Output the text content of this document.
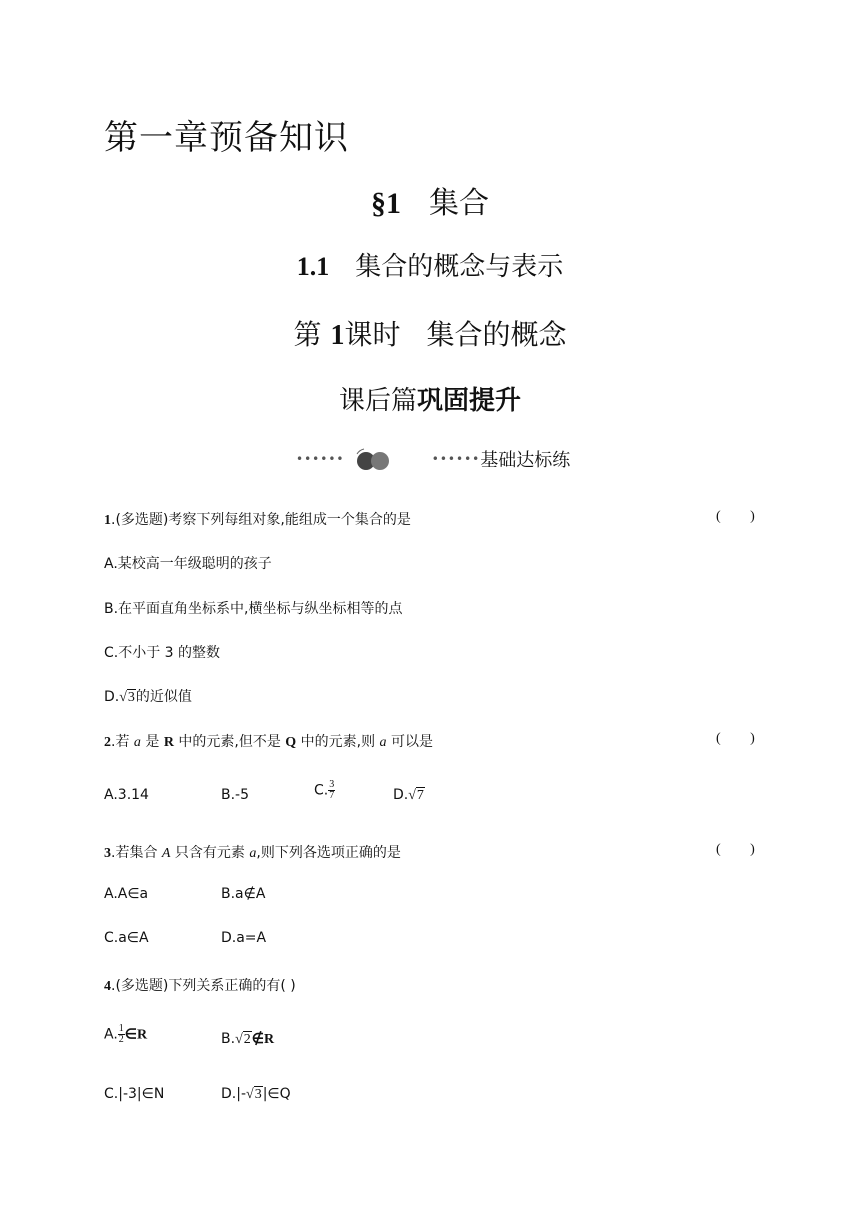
第一章预备知识
§1 集合
1.1 集合的概念与表示
第 1课时 集合的概念
课后篇巩固提升
••••••	••••••基础达标练
1.(多选题)考察下列每组对象,能组成一个集合的是	( )
A.某校高一年级聪明的孩子
B.在平面直角坐标系中,横坐标与纵坐标相等的点
C.不小于 3 的整数
D.√3的近似值
2.若 a 是 R 中的元素,但不是 Q 中的元素,则 a 可以是	( )
A.3.14	B.-5	C. $\frac{3}{7}$	D.√7
3.若集合 A 只含有元素 a,则下列各选项正确的是	( )
A.A∈a	B.a∉A
C.a∈A	D.a=A
4.(多选题)下列关系正确的有( )
A. $\frac{1}{2}$ ∈R	B.√2∉R
C.|-3|∈N	D.|-√3|∈Q
